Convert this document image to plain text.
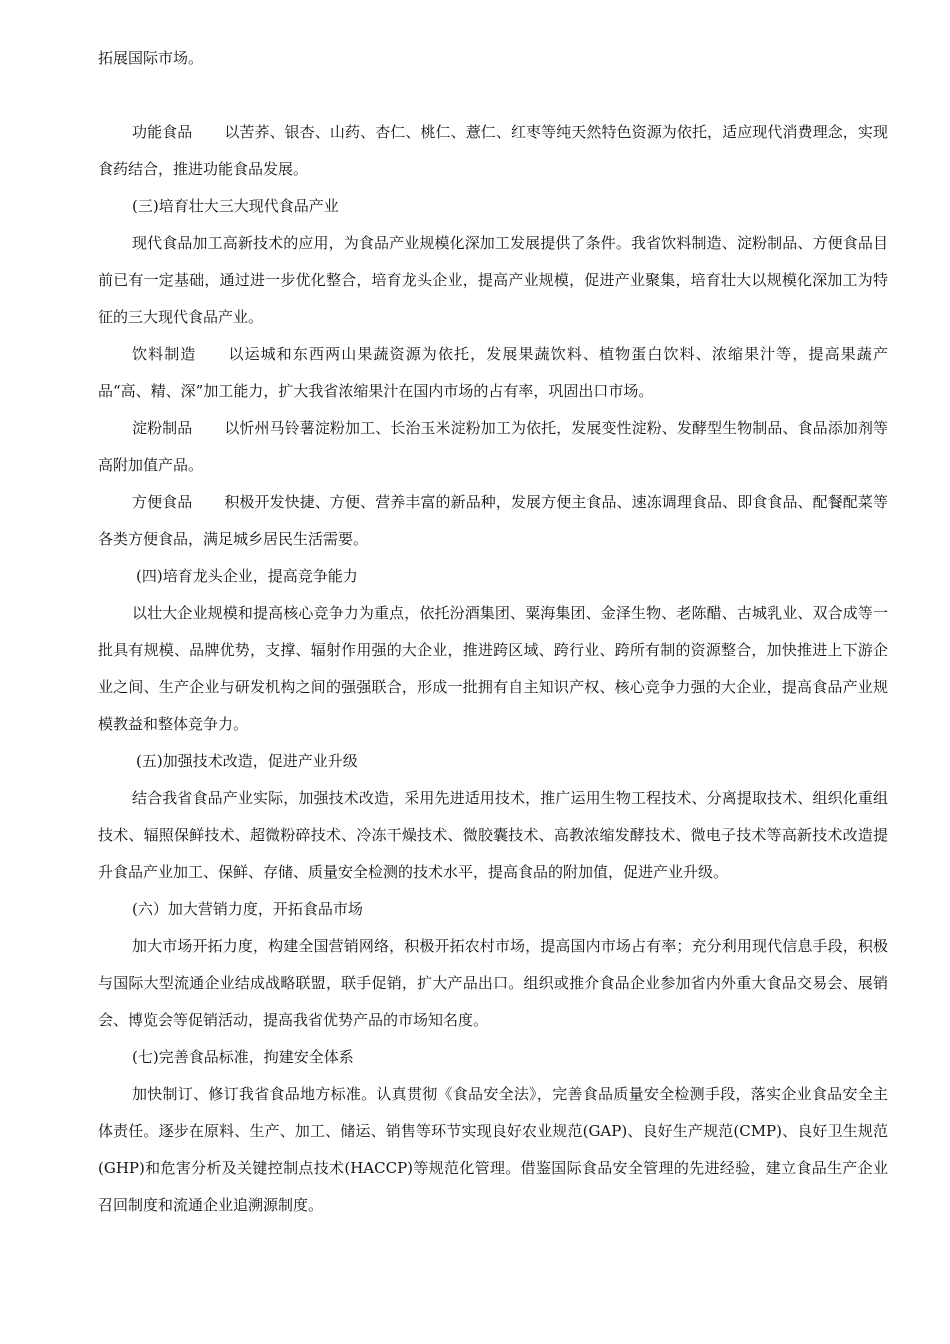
拓展国际市场。

功能食品 以苦荞、银杏、山药、杏仁、桃仁、薏仁、红枣等纯天然特色资源为依托，适应现代消费理念，实现食药结合，推进功能食品发展。

(三)培育壮大三大现代食品产业

现代食品加工高新技术的应用，为食品产业规模化深加工发展提供了条件。我省饮料制造、淀粉制品、方便食品目前已有一定基础，通过进一步优化整合，培育龙头企业，提高产业规模，促进产业聚集，培育壮大以规模化深加工为特征的三大现代食品产业。

饮料制造 以运城和东西两山果蔬资源为依托，发展果蔬饮料、植物蛋白饮料、浓缩果汁等，提高果蔬产品“高、精、深”加工能力，扩大我省浓缩果汁在国内市场的占有率，巩固出口市场。

淀粉制品 以忻州马铃薯淀粉加工、长治玉米淀粉加工为依托，发展变性淀粉、发酵型生物制品、食品添加剂等高附加值产品。

方便食品 积极开发快捷、方便、营养丰富的新品种，发展方便主食品、速冻调理食品、即食食品、配餐配菜等各类方便食品，满足城乡居民生活需要。

(四)培育龙头企业，提高竞争能力

以壮大企业规模和提高核心竞争力为重点，依托汾酒集团、粟海集团、金泽生物、老陈醋、古城乳业、双合成等一批具有规模、品牌优势，支撑、辐射作用强的大企业，推进跨区域、跨行业、跨所有制的资源整合，加快推进上下游企业之间、生产企业与研发机构之间的强强联合，形成一批拥有自主知识产权、核心竞争力强的大企业，提高食品产业规模教益和整体竞争力。

(五)加强技术改造，促进产业升级

结合我省食品产业实际，加强技术改造，采用先进适用技术，推广运用生物工程技术、分离提取技术、组织化重组技术、辐照保鲜技术、超微粉碎技术、冷冻干燥技术、微胶囊技术、高教浓缩发酵技术、微电子技术等高新技术改造提升食品产业加工、保鲜、存储、质量安全检测的技术水平，提高食品的附加值，促进产业升级。

(六）加大营销力度，开拓食品市场

加大市场开拓力度，构建全国营销网络，积极开拓农村市场，提高国内市场占有率；充分利用现代信息手段，积极与国际大型流通企业结成战略联盟，联手促销，扩大产品出口。组织或推介食品企业参加省内外重大食品交易会、展销会、博览会等促销活动，提高我省优势产品的市场知名度。

(七)完善食品标准，拘建安全体系

加快制订、修订我省食品地方标准。认真贯彻《食品安全法》，完善食品质量安全检测手段，落实企业食品安全主体责任。逐步在原料、生产、加工、储运、销售等环节实现良好农业规范(GAP)、良好生产规范(CMP)、良好卫生规范(GHP)和危害分析及关键控制点技术(HACCP)等规范化管理。借鉴国际食品安全管理的先进经验，建立食品生产企业召回制度和流通企业追溯源制度。
